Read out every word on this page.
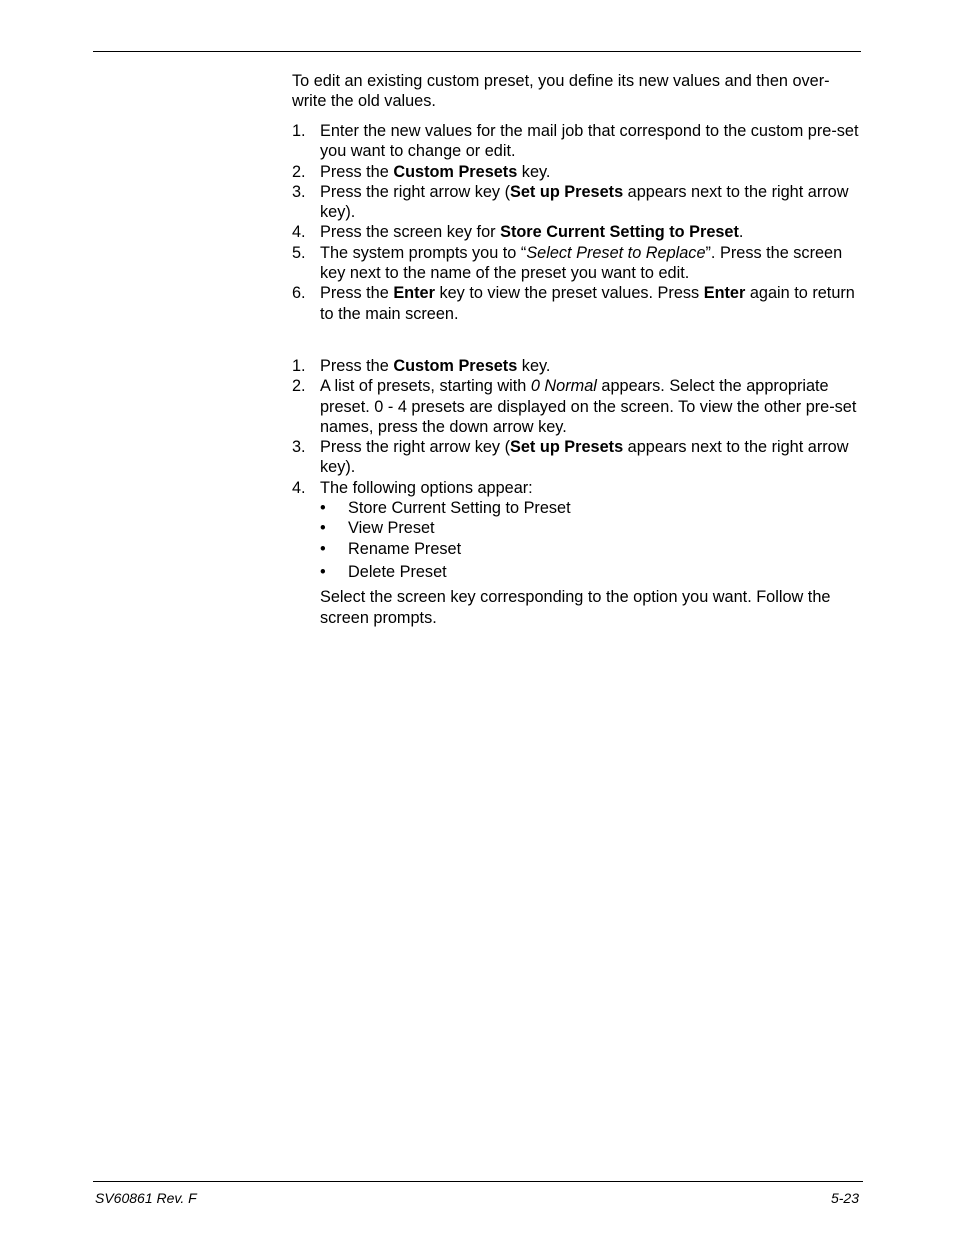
To edit an existing custom preset, you define its new values and then over-write the old values.

1. Enter the new values for the mail job that correspond to the custom pre-set you want to change or edit.
2. Press the Custom Presets key.
3. Press the right arrow key (Set up Presets appears next to the right arrow key).
4. Press the screen key for Store Current Setting to Preset.
5. The system prompts you to “Select Preset to Replace”. Press the screen key next to the name of the preset you want to edit.
6. Press the Enter key to view the preset values. Press Enter again to return to the main screen.
1. Press the Custom Presets key.
2. A list of presets, starting with 0 Normal appears. Select the appropriate preset. 0 - 4 presets are displayed on the screen. To view the other pre-set names, press the down arrow key.
3. Press the right arrow key (Set up Presets appears next to the right arrow key).
4. The following options appear:
• Store Current Setting to Preset
• View Preset
• Rename Preset
• Delete Preset

Select the screen key corresponding to the option you want. Follow the screen prompts.

SV60861 Rev. F	5-23
